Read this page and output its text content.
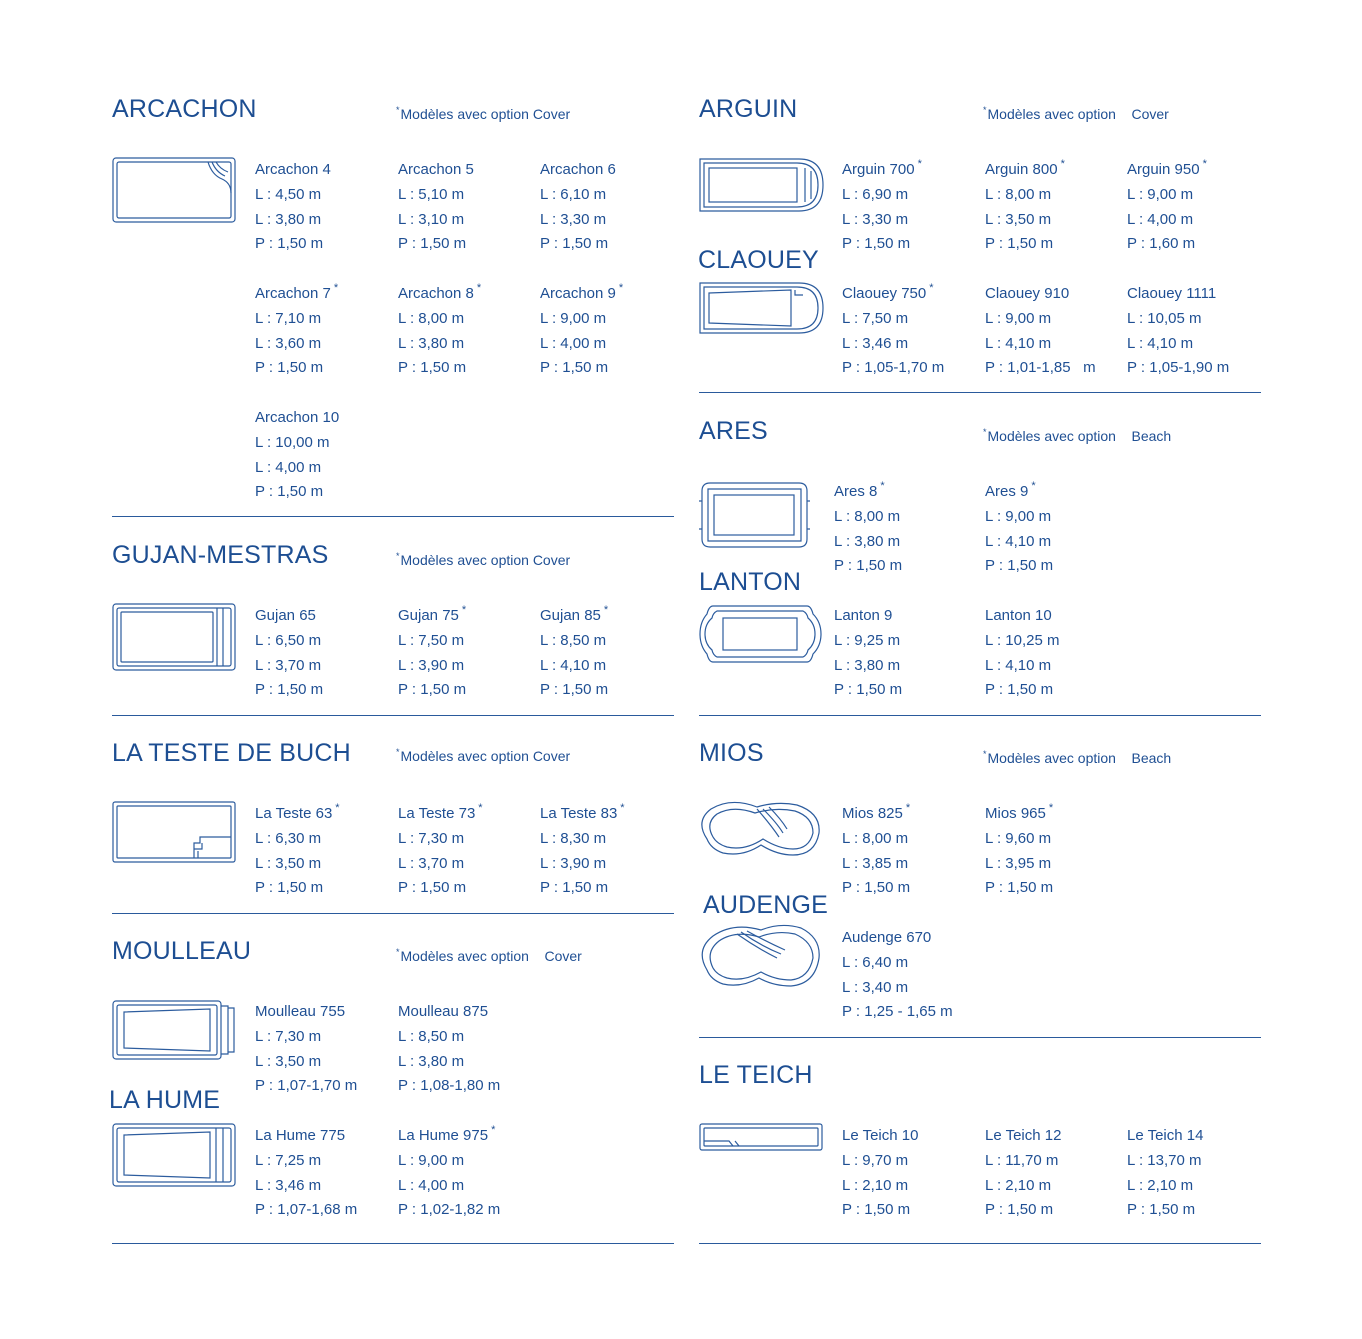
ARCACHON	*Modèles avec option Cover
Arcachon 4
L : 4,50 m
L : 3,80 m
P : 1,50 m
Arcachon 5
L : 5,10 m
L : 3,10 m
P : 1,50 m
Arcachon 6
L : 6,10 m
L : 3,30 m
P : 1,50 m
Arcachon 7 *
L : 7,10 m
L : 3,60 m
P : 1,50 m
Arcachon 8 *
L : 8,00 m
L : 3,80 m
P : 1,50 m
Arcachon 9 *
L : 9,00 m
L : 4,00 m
P : 1,50 m
Arcachon 10
L : 10,00 m
L : 4,00 m
P : 1,50 m
GUJAN-MESTRAS	*Modèles avec option Cover
Gujan 65
L : 6,50 m
L : 3,70 m
P : 1,50 m
Gujan 75 *
L : 7,50 m
L : 3,90 m
P : 1,50 m
Gujan 85 *
L : 8,50 m
L : 4,10 m
P : 1,50 m
LA TESTE DE BUCH	*Modèles avec option Cover
La Teste 63 *
L : 6,30 m
L : 3,50 m
P : 1,50 m
La Teste 73 *
L : 7,30 m
L : 3,70 m
P : 1,50 m
La Teste 83 *
L : 8,30 m
L : 3,90 m
P : 1,50 m
MOULLEAU	*Modèles avec option    Cover
Moulleau 755
L : 7,30 m
L : 3,50 m
P : 1,07-1,70 m
Moulleau 875
L : 8,50 m
L : 3,80 m
P : 1,08-1,80 m
LA HUME
La Hume 775
L : 7,25 m
L : 3,46 m
P : 1,07-1,68 m
La Hume 975 *
L : 9,00 m
L : 4,00 m
P : 1,02-1,82 m
ARGUIN	*Modèles avec option    Cover
Arguin 700 *
L : 6,90 m
L : 3,30 m
P : 1,50 m
Arguin 800 *
L : 8,00 m
L : 3,50 m
P : 1,50 m
Arguin 950 *
L : 9,00 m
L : 4,00 m
P : 1,60 m
CLAOUEY
Claouey 750 *
L : 7,50 m
L : 3,46 m
P : 1,05-1,70 m
Claouey 910
L : 9,00 m
L : 4,10 m
P : 1,01-1,85   m
Claouey 1111
L : 10,05 m
L : 4,10 m
P : 1,05-1,90 m
ARES	*Modèles avec option    Beach
Ares 8 *
L : 8,00 m
L : 3,80 m
P : 1,50 m
Ares 9 *
L : 9,00 m
L : 4,10 m
P : 1,50 m
LANTON
Lanton 9
L : 9,25 m
L : 3,80 m
P : 1,50 m
Lanton 10
L : 10,25 m
L : 4,10 m
P : 1,50 m
MIOS	*Modèles avec option    Beach
Mios 825 *
L : 8,00 m
L : 3,85 m
P : 1,50 m
Mios 965 *
L : 9,60 m
L : 3,95 m
P : 1,50 m
AUDENGE
Audenge 670
L : 6,40 m
L : 3,40 m
P : 1,25 - 1,65 m
LE TEICH
Le Teich 10
L : 9,70 m
L : 2,10 m
P : 1,50 m
Le Teich 12
L : 11,70 m
L : 2,10 m
P : 1,50 m
Le Teich 14
L : 13,70 m
L : 2,10 m
P : 1,50 m
